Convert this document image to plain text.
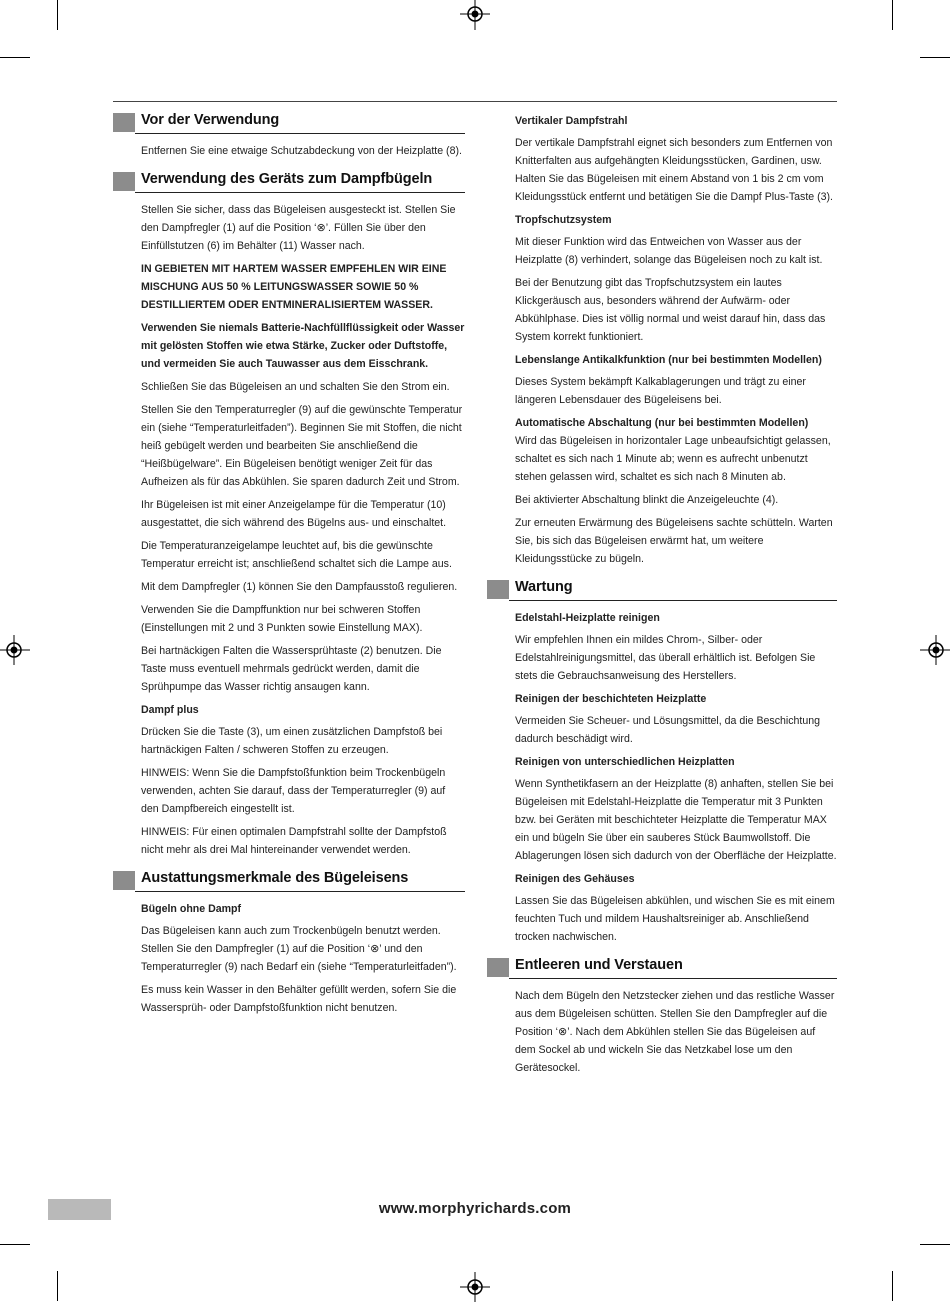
Vor der Verwendung

Entfernen Sie eine etwaige Schutzabdeckung von der Heizplatte (8).

Verwendung des Geräts zum Dampfbügeln

Stellen Sie sicher, dass das Bügeleisen ausgesteckt ist. Stellen Sie den Dampfregler (1) auf die Position ‘⊗’. Füllen Sie über den Einfüllstutzen (6) im Behälter (11) Wasser nach.

IN GEBIETEN MIT HARTEM WASSER EMPFEHLEN WIR EINE MISCHUNG AUS 50 % LEITUNGSWASSER SOWIE 50 % DESTILLIERTEM ODER ENTMINERALISIERTEM WASSER.

Verwenden Sie niemals Batterie-Nachfüllflüssigkeit oder Wasser mit gelösten Stoffen wie etwa Stärke, Zucker oder Duftstoffe, und vermeiden Sie auch Tauwasser aus dem Eisschrank.

Schließen Sie das Bügeleisen an und schalten Sie den Strom ein.

Stellen Sie den Temperaturregler (9) auf die gewünschte Temperatur ein (siehe “Temperaturleitfaden”). Beginnen Sie mit Stoffen, die nicht heiß gebügelt werden und bearbeiten Sie anschließend die “Heißbügelware”. Ein Bügeleisen benötigt weniger Zeit für das Aufheizen als für das Abkühlen. Sie sparen dadurch Zeit und Strom.

Ihr Bügeleisen ist mit einer Anzeigelampe für die Temperatur (10) ausgestattet, die sich während des Bügelns aus- und einschaltet.

Die Temperaturanzeigelampe leuchtet auf, bis die gewünschte Temperatur erreicht ist; anschließend schaltet sich die Lampe aus.

Mit dem Dampfregler (1) können Sie den Dampfausstoß regulieren.

Verwenden Sie die Dampffunktion nur bei schweren Stoffen (Einstellungen mit 2 und 3 Punkten sowie Einstellung MAX).

Bei hartnäckigen Falten die Wassersprühtaste (2) benutzen. Die Taste muss eventuell mehrmals gedrückt werden, damit die Sprühpumpe das Wasser richtig ansaugen kann.

Dampf plus

Drücken Sie die Taste (3), um einen zusätzlichen Dampfstoß bei hartnäckigen Falten / schweren Stoffen zu erzeugen.

HINWEIS: Wenn Sie die Dampfstoßfunktion beim Trockenbügeln verwenden, achten Sie darauf, dass der Temperaturregler (9) auf den Dampfbereich eingestellt ist.

HINWEIS: Für einen optimalen Dampfstrahl sollte der Dampfstoß nicht mehr als drei Mal hintereinander verwendet werden.

Austattungsmerkmale des Bügeleisens

Bügeln ohne Dampf

Das Bügeleisen kann auch zum Trockenbügeln benutzt werden. Stellen Sie den Dampfregler (1) auf die Position ‘⊗’ und den Temperaturregler (9) nach Bedarf ein (siehe “Temperaturleitfaden”).

Es muss kein Wasser in den Behälter gefüllt werden, sofern Sie die Wassersprüh- oder Dampfstoßfunktion nicht benutzen.

Vertikaler Dampfstrahl

Der vertikale Dampfstrahl eignet sich besonders zum Entfernen von Knitterfalten aus aufgehängten Kleidungsstücken, Gardinen, usw. Halten Sie das Bügeleisen mit einem Abstand von 1 bis 2 cm vom Kleidungsstück entfernt und betätigen Sie die Dampf Plus-Taste (3).

Tropfschutzsystem

Mit dieser Funktion wird das Entweichen von Wasser aus der Heizplatte (8) verhindert, solange das Bügeleisen noch zu kalt ist.

Bei der Benutzung gibt das Tropfschutzsystem ein lautes Klickgeräusch aus, besonders während der Aufwärm- oder Abkühlphase. Dies ist völlig normal und weist darauf hin, dass das System korrekt funktioniert.

Lebenslange Antikalkfunktion (nur bei bestimmten Modellen)

Dieses System bekämpft Kalkablagerungen und trägt zu einer längeren Lebensdauer des Bügeleisens bei.

Automatische Abschaltung (nur bei bestimmten Modellen)

Wird das Bügeleisen in horizontaler Lage unbeaufsichtigt gelassen, schaltet es sich nach 1 Minute ab; wenn es aufrecht unbenutzt stehen gelassen wird, schaltet es sich nach 8 Minuten ab.

Bei aktivierter Abschaltung blinkt die Anzeigeleuchte (4).

Zur erneuten Erwärmung des Bügeleisens sachte schütteln. Warten Sie, bis sich das Bügeleisen erwärmt hat, um weitere Kleidungsstücke zu bügeln.

Wartung

Edelstahl-Heizplatte reinigen

Wir empfehlen Ihnen ein mildes Chrom-, Silber- oder Edelstahlreinigungsmittel, das überall erhältlich ist. Befolgen Sie stets die Gebrauchsanweisung des Herstellers.

Reinigen der beschichteten Heizplatte

Vermeiden Sie Scheuer- und Lösungsmittel, da die Beschichtung dadurch beschädigt wird.

Reinigen von unterschiedlichen Heizplatten

Wenn Synthetikfasern an der Heizplatte (8) anhaften, stellen Sie bei Bügeleisen mit Edelstahl-Heizplatte die Temperatur mit 3 Punkten bzw. bei Geräten mit beschichteter Heizplatte die Temperatur MAX ein und bügeln Sie über ein sauberes Stück Baumwollstoff. Die Ablagerungen lösen sich dadurch von der Oberfläche der Heizplatte.

Reinigen des Gehäuses

Lassen Sie das Bügeleisen abkühlen, und wischen Sie es mit einem feuchten Tuch und mildem Haushaltsreiniger ab. Anschließend trocken nachwischen.

Entleeren und Verstauen

Nach dem Bügeln den Netzstecker ziehen und das restliche Wasser aus dem Bügeleisen schütten. Stellen Sie den Dampfregler auf die Position ‘⊗’. Nach dem Abkühlen stellen Sie das Bügeleisen auf dem Sockel ab und wickeln Sie das Netzkabel lose um den Gerätesockel.

www.morphyrichards.com
